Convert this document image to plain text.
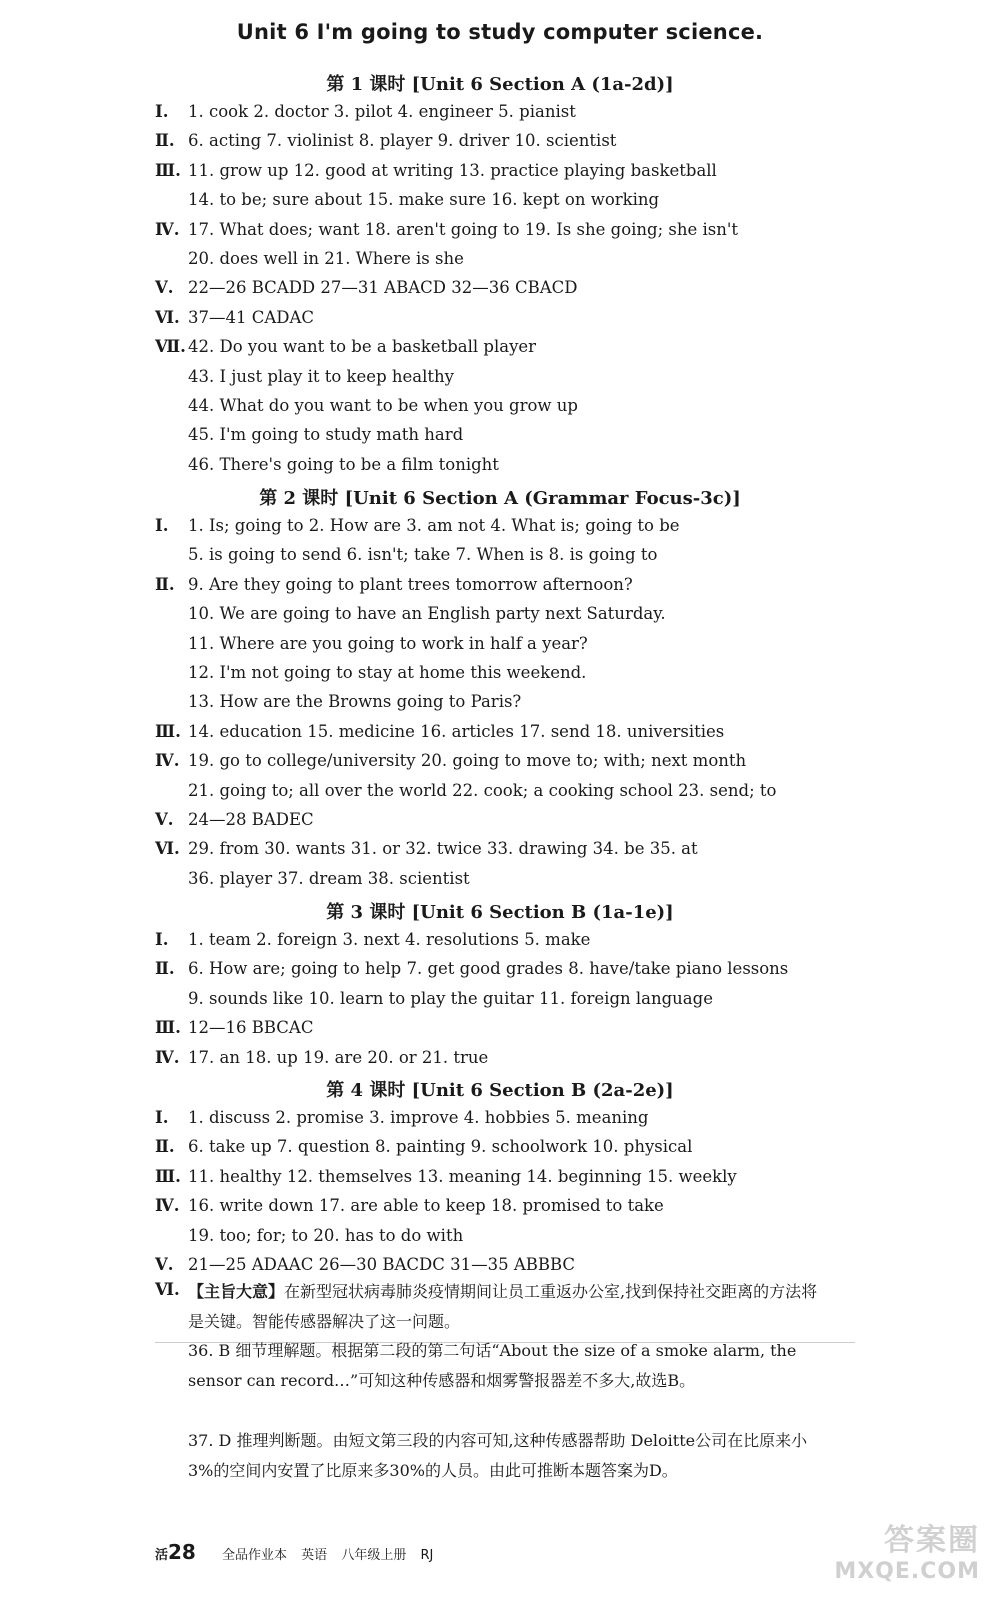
Unit 6 I'm going to study computer science.
第 1 课时 [Unit 6 Section A (1a-2d)]
Ⅰ. 1. cook 2. doctor 3. pilot 4. engineer 5. pianist
Ⅱ. 6. acting 7. violinist 8. player 9. driver 10. scientist
Ⅲ. 11. grow up 12. good at writing 13. practice playing basketball
14. to be; sure about 15. make sure 16. kept on working
Ⅳ. 17. What does; want 18. aren't going to 19. Is she going; she isn't
20. does well in 21. Where is she
Ⅴ. 22—26 BCADD 27—31 ABACD 32—36 CBACD
Ⅵ. 37—41 CADAC
Ⅶ. 42. Do you want to be a basketball player
43. I just play it to keep healthy
44. What do you want to be when you grow up
45. I'm going to study math hard
46. There's going to be a film tonight
第 2 课时 [Unit 6 Section A (Grammar Focus-3c)]
Ⅰ. 1. Is; going to 2. How are 3. am not 4. What is; going to be
5. is going to send 6. isn't; take 7. When is 8. is going to
Ⅱ. 9. Are they going to plant trees tomorrow afternoon?
10. We are going to have an English party next Saturday.
11. Where are you going to work in half a year?
12. I'm not going to stay at home this weekend.
13. How are the Browns going to Paris?
Ⅲ. 14. education 15. medicine 16. articles 17. send 18. universities
Ⅳ. 19. go to college/university 20. going to move to; with; next month
21. going to; all over the world 22. cook; a cooking school 23. send; to
Ⅴ. 24—28 BADEC
Ⅵ. 29. from 30. wants 31. or 32. twice 33. drawing 34. be 35. at
36. player 37. dream 38. scientist
第 3 课时 [Unit 6 Section B (1a-1e)]
Ⅰ. 1. team 2. foreign 3. next 4. resolutions 5. make
Ⅱ. 6. How are; going to help 7. get good grades 8. have/take piano lessons
9. sounds like 10. learn to play the guitar 11. foreign language
Ⅲ. 12—16 BBCAC
Ⅳ. 17. an 18. up 19. are 20. or 21. true
第 4 课时 [Unit 6 Section B (2a-2e)]
Ⅰ. 1. discuss 2. promise 3. improve 4. hobbies 5. meaning
Ⅱ. 6. take up 7. question 8. painting 9. schoolwork 10. physical
Ⅲ. 11. healthy 12. themselves 13. meaning 14. beginning 15. weekly
Ⅳ. 16. write down 17. are able to keep 18. promised to take
19. too; for; to 20. has to do with
Ⅴ. 21—25 ADAAC 26—30 BACDC 31—35 ABBBC
Ⅵ. 【主旨大意】在新型冠状病毒肺炎疫情期间让员工重返办公室,找到保持社交距离的方法将是关键。智能传感器解决了这一问题。
36. B 细节理解题。根据第二段的第二句话“About the size of a smoke alarm, the sensor can record…”可知这种传感器和烟雾警报器差不多大,故选B。
37. D 推理判断题。由短文第三段的内容可知,这种传感器帮助 Deloitte公司在比原来小3%的空间内安置了比原来多30%的人员。由此可推断本题答案为D。
活28 全品作业本 英语 八年级上册 RJ	答案圈
MXQE.COM
